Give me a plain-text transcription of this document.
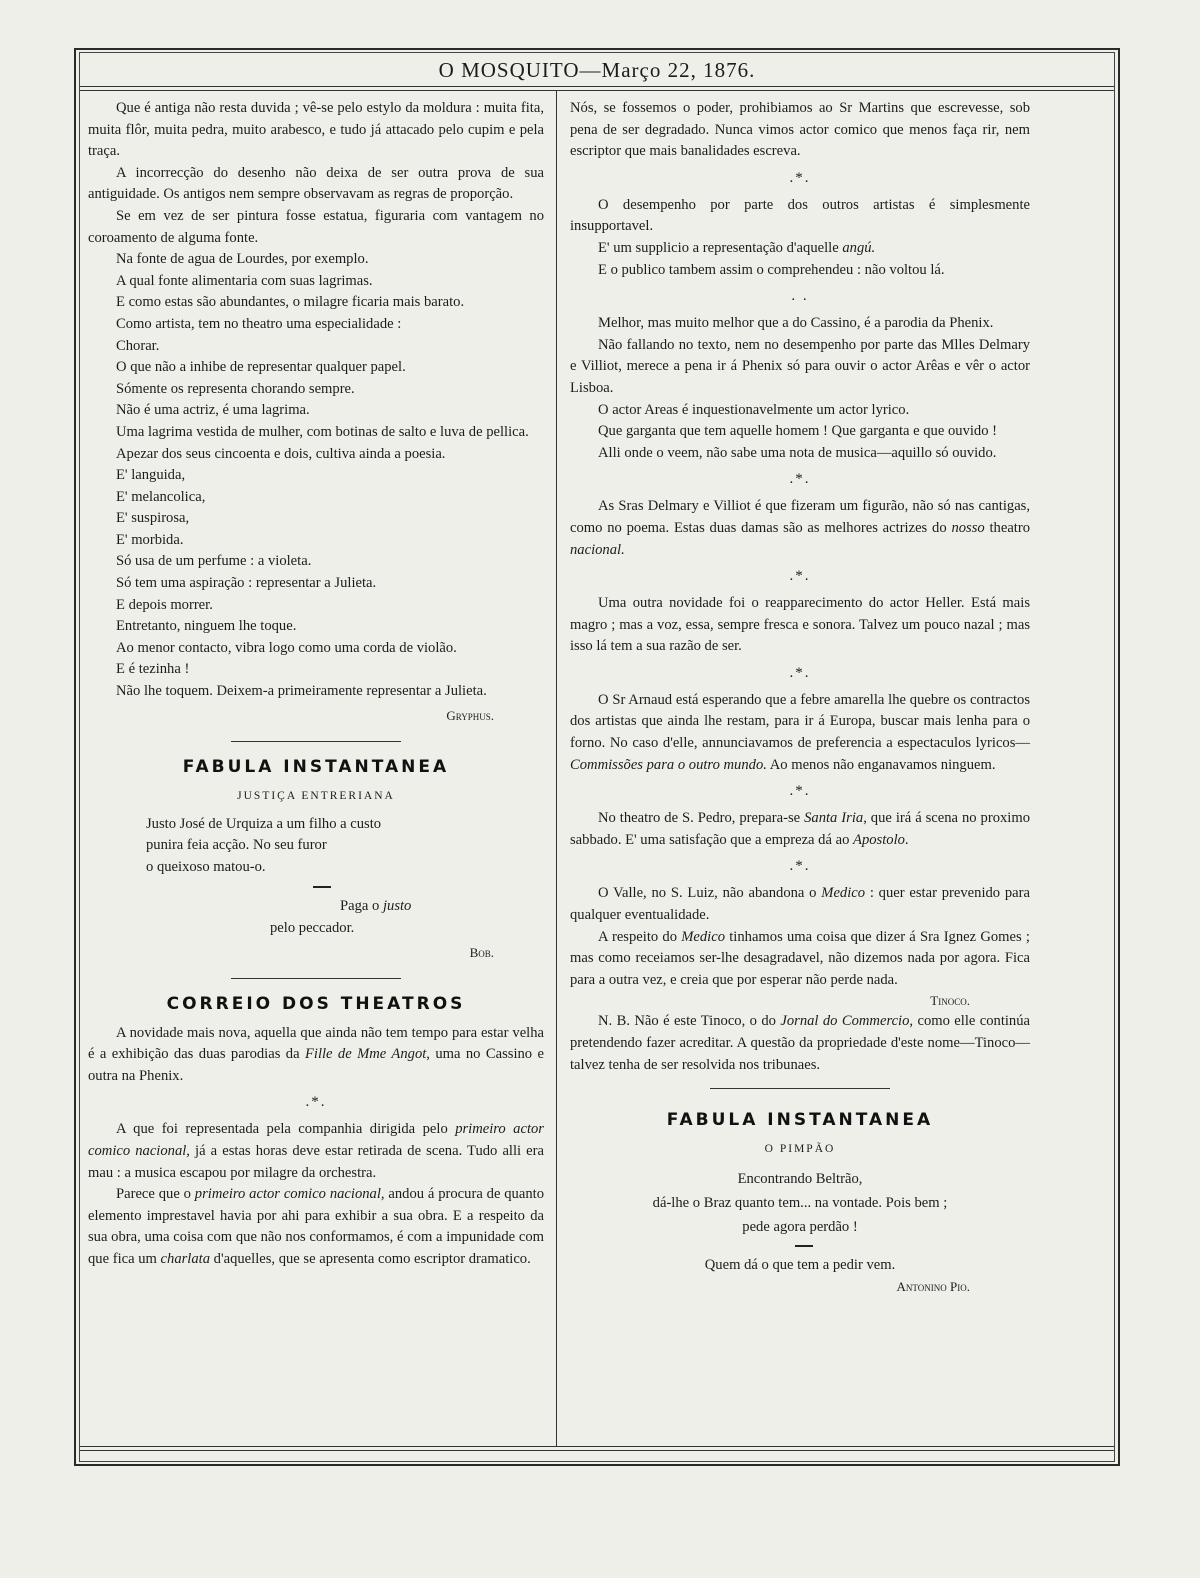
O MOSQUITO—Março 22, 1876.

Que é antiga não resta duvida ; vê-se pelo estylo da moldura : muita fita, muita flôr, muita pedra, muito arabesco, e tudo já attacado pelo cupim e pela traça.

A incorrecção do desenho não deixa de ser outra prova de sua antiguidade. Os antigos nem sempre observavam as regras de proporção.

Se em vez de ser pintura fosse estatua, figuraria com vantagem no coroamento de alguma fonte.

Na fonte de agua de Lourdes, por exemplo.

A qual fonte alimentaria com suas lagrimas.

E como estas são abundantes, o milagre ficaria mais barato.

Como artista, tem no theatro uma especialidade :

Chorar.

O que não a inhibe de representar qualquer papel.

Sómente os representa chorando sempre.

Não é uma actriz, é uma lagrima.

Uma lagrima vestida de mulher, com botinas de salto e luva de pellica.

Apezar dos seus cincoenta e dois, cultiva ainda a poesia.

E' languida,

E' melancolica,

E' suspirosa,

E' morbida.

Só usa de um perfume : a violeta.

Só tem uma aspiração : representar a Julieta.

E depois morrer.

Entretanto, ninguem lhe toque.

Ao menor contacto, vibra logo como uma corda de violão.

E é tezinha !

Não lhe toquem. Deixem-a primeiramente representar a Julieta.

Gryphus.
FABULA INSTANTANEA
JUSTIÇA ENTRERIANA
Justo José de Urquiza a um filho a custo
punira feia acção. No seu furor
o queixoso matou-o.
Paga o justo
pelo peccador.
Bob.
CORREIO DOS THEATROS

A novidade mais nova, aquella que ainda não tem tempo para estar velha é a exhibição das duas parodias da Fille de Mme Angot, uma no Cassino e outra na Phenix.

.*.

A que foi representada pela companhia dirigida pelo primeiro actor comico nacional, já a estas horas deve estar retirada de scena. Tudo alli era mau : a musica escapou por milagre da orchestra.

Parece que o primeiro actor comico nacional, andou á procura de quanto elemento imprestavel havia por ahi para exhibir a sua obra. E a respeito da sua obra, uma coisa com que não nos conformamos, é com a impunidade com que fica um charlata d'aquelles, que se apresenta como escriptor dramatico.

Nós, se fossemos o poder, prohibiamos ao Sr Martins que escrevesse, sob pena de ser degradado. Nunca vimos actor comico que menos faça rir, nem escriptor que mais banalidades escreva.

.*.

O desempenho por parte dos outros artistas é simplesmente insupportavel.

E' um supplicio a representação d'aquelle angú.

E o publico tambem assim o comprehendeu : não voltou lá.

. .

Melhor, mas muito melhor que a do Cassino, é a parodia da Phenix.

Não fallando no texto, nem no desempenho por parte das Mlles Delmary e Villiot, merece a pena ir á Phenix só para ouvir o actor Arêas e vêr o actor Lisboa.

O actor Areas é inquestionavelmente um actor lyrico.

Que garganta que tem aquelle homem ! Que garganta e que ouvido !

Alli onde o veem, não sabe uma nota de musica—aquillo só ouvido.

.*.

As Sras Delmary e Villiot é que fizeram um figurão, não só nas cantigas, como no poema. Estas duas damas são as melhores actrizes do nosso theatro nacional.

.*.

Uma outra novidade foi o reapparecimento do actor Heller. Está mais magro ; mas a voz, essa, sempre fresca e sonora. Talvez um pouco nazal ; mas isso lá tem a sua razão de ser.

.*.

O Sr Arnaud está esperando que a febre amarella lhe quebre os contractos dos artistas que ainda lhe restam, para ir á Europa, buscar mais lenha para o forno. No caso d'elle, annunciavamos de preferencia a espectaculos lyricos—Commissões para o outro mundo. Ao menos não enganavamos ninguem.

.*.

No theatro de S. Pedro, prepara-se Santa Iria, que irá á scena no proximo sabbado. E' uma satisfação que a empreza dá ao Apostolo.

.*.

O Valle, no S. Luiz, não abandona o Medico : quer estar prevenido para qualquer eventualidade.

A respeito do Medico tinhamos uma coisa que dizer á Sra Ignez Gomes ; mas como receiamos ser-lhe desagradavel, não dizemos nada por agora. Fica para a outra vez, e creia que por esperar não perde nada.

Tinoco.

N. B. Não é este Tinoco, o do Jornal do Commercio, como elle continúa pretendendo fazer acreditar. A questão da propriedade d'este nome—Tinoco— talvez tenha de ser resolvida nos tribunaes.

FABULA INSTANTANEA
O PIMPÃO
Encontrando Beltrão,
dá-lhe o Braz quanto tem... na vontade. Pois bem ;
pede agora perdão !
Quem dá o que tem a pedir vem.
Antonino Pio.
